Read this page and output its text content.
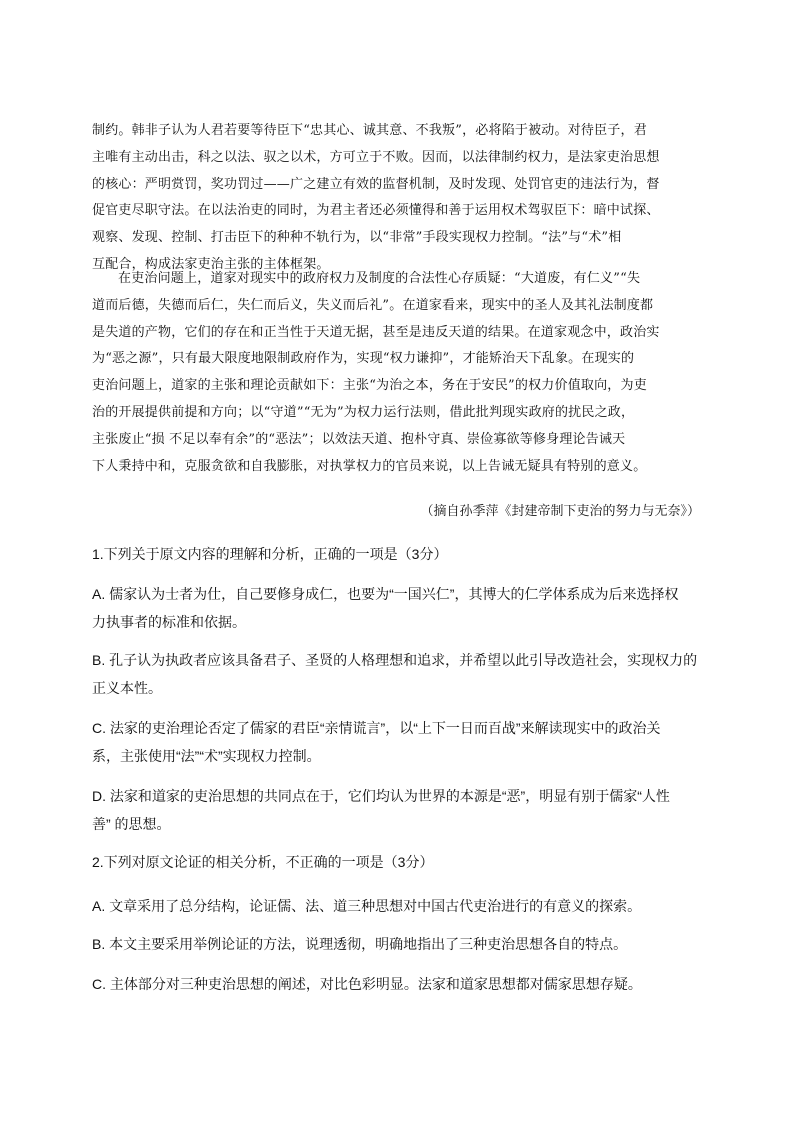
制约。韩非子认为人君若要等待臣下“忠其心、诚其意、不我叛”，必将陷于被动。对待臣子，君
主唯有主动出击，科之以法、驭之以术，方可立于不败。因而，以法律制约权力，是法家吏治思想
的核心：严明赏罚，奖功罚过——广之建立有效的监督机制，及时发现、处罚官吏的违法行为，督
促官吏尽职守法。在以法治吏的同时，为君主者还必须懂得和善于运用权术驾驭臣下：暗中试探、
观察、发现、控制、打击臣下的种种不轨行为，以“非常”手段实现权力控制。“法”与“术”相
互配合，构成法家吏治主张的主体框架。
在吏治问题上，道家对现实中的政府权力及制度的合法性心存质疑：“大道废，有仁义”“失
道而后德，失德而后仁，失仁而后义，失义而后礼”。在道家看来，现实中的圣人及其礼法制度都
是失道的产物，它们的存在和正当性于天道无据，甚至是违反天道的结果。在道家观念中，政治实
为“恶之源”，只有最大限度地限制政府作为，实现“权力谦抑”，才能矫治天下乱象。在现实的
吏治问题上，道家的主张和理论贡献如下：主张“为治之本，务在于安民”的权力价值取向，为吏
治的开展提供前提和方向；以“守道”“无为”为权力运行法则，借此批判现实政府的扰民之政，
主张废止“损 不足以奉有余”的“恶法”；以效法天道、抱朴守真、崇俭寡欲等修身理论告诫天
下人秉持中和，克服贪欲和自我膨胀，对执掌权力的官员来说，以上告诫无疑具有特别的意义。
（摘自孙季萍《封建帝制下吏治的努力与无奈》）
1.下列关于原文内容的理解和分析，正确的一项是（3分）
A. 儒家认为士者为仕，自己要修身成仁，也要为“一国兴仁”，其博大的仁学体系成为后来选择权
力执事者的标准和依据。
B. 孔子认为执政者应该具备君子、圣贤的人格理想和追求，并希望以此引导改造社会，实现权力的
正义本性。
C. 法家的吏治理论否定了儒家的君臣“亲情谎言”，以“上下一日而百战”来解读现实中的政治关
系，主张使用“法”“术”实现权力控制。
D. 法家和道家的吏治思想的共同点在于，它们均认为世界的本源是“恶”，明显有别于儒家“人性
善” 的思想。
2.下列对原文论证的相关分析，不正确的一项是（3分）
A. 文章采用了总分结构，论证儒、法、道三种思想对中国古代吏治进行的有意义的探索。
B. 本文主要采用举例论证的方法，说理透彻，明确地指出了三种吏治思想各自的特点。
C. 主体部分对三种吏治思想的阐述，对比色彩明显。法家和道家思想都对儒家思想存疑。
